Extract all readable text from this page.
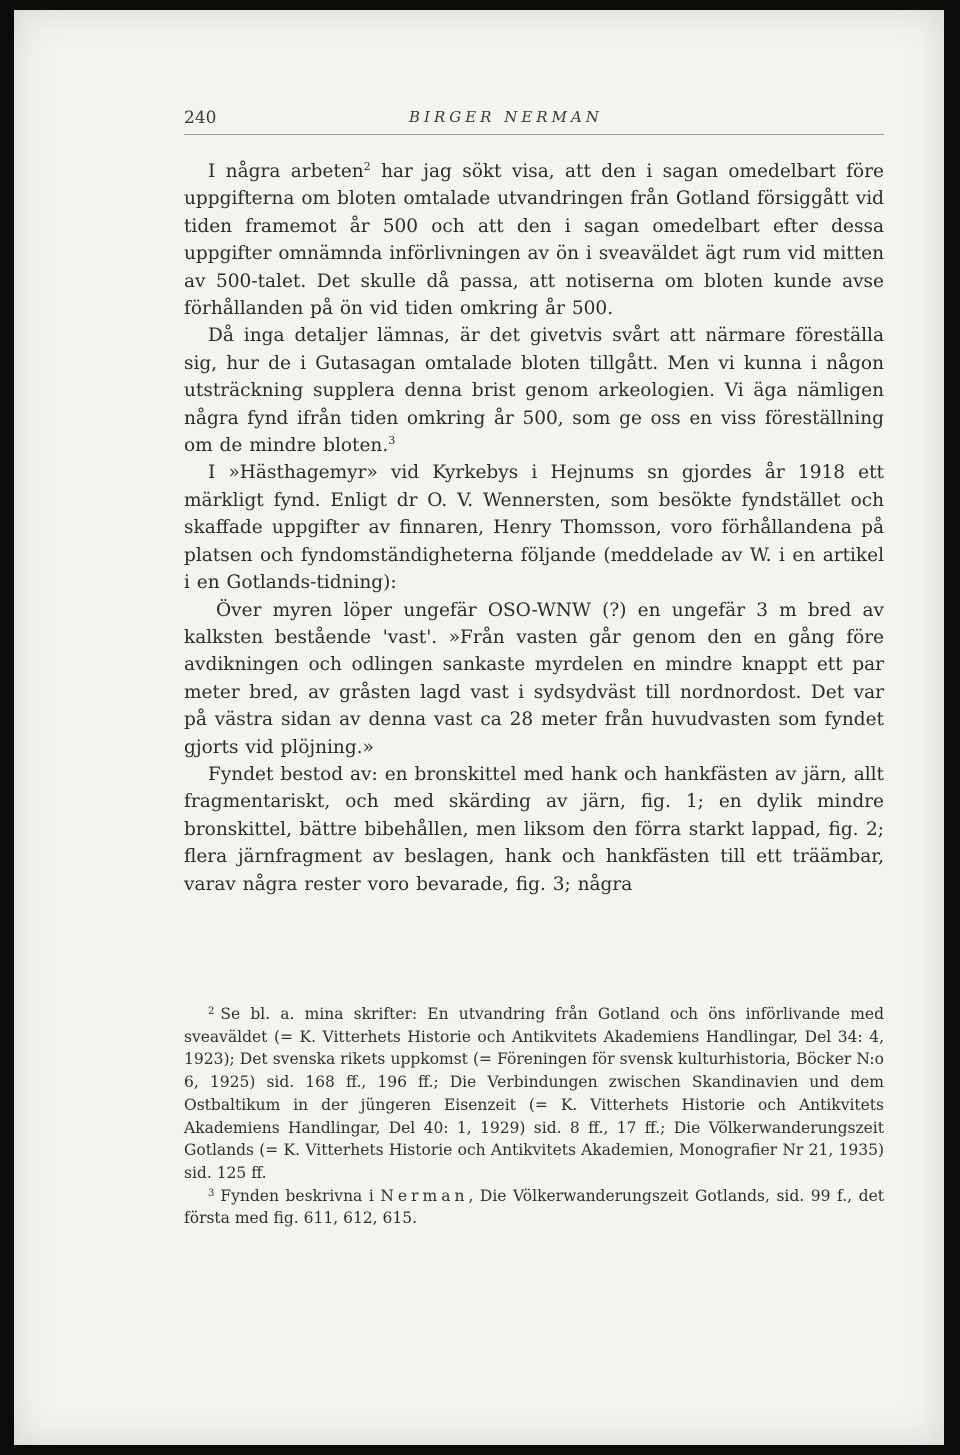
240	BIRGER NERMAN

I några arbeten$^2$ har jag sökt visa, att den i sagan omedelbart före uppgifterna om bloten omtalade utvandringen från Gotland försiggått vid tiden framemot år 500 och att den i sagan omedelbart efter dessa uppgifter omnämnda införlivningen av ön i sveaväldet ägt rum vid mitten av 500-talet. Det skulle då passa, att notiserna om bloten kunde avse förhållanden på ön vid tiden omkring år 500.

Då inga detaljer lämnas, är det givetvis svårt att närmare föreställa sig, hur de i Gutasagan omtalade bloten tillgått. Men vi kunna i någon utsträckning supplera denna brist genom arkeologien. Vi äga nämligen några fynd ifrån tiden omkring år 500, som ge oss en viss föreställning om de mindre bloten.$^3$

I »Hästhagemyr» vid Kyrkebys i Hejnums sn gjordes år 1918 ett märkligt fynd. Enligt dr O. V. Wennersten, som besökte fyndstället och skaffade uppgifter av finnaren, Henry Thomsson, voro förhållandena på platsen och fyndomständigheterna följande (meddelade av W. i en artikel i en Gotlands-tidning):

Över myren löper ungefär OSO-WNW (?) en ungefär 3 m bred av kalksten bestående 'vast'. »Från vasten går genom den en gång före avdikningen och odlingen sankaste myrdelen en mindre knappt ett par meter bred, av gråsten lagd vast i sydsydväst till nordnordost. Det var på västra sidan av denna vast ca 28 meter från huvudvasten som fyndet gjorts vid plöjning.»

Fyndet bestod av: en bronskittel med hank och hankfästen av järn, allt fragmentariskt, och med skärding av järn, fig. 1; en dylik mindre bronskittel, bättre bibehållen, men liksom den förra starkt lappad, fig. 2; flera järnfragment av beslagen, hank och hankfästen till ett träämbar, varav några rester voro bevarade, fig. 3; några

$^2$ Se bl. a. mina skrifter: En utvandring från Gotland och öns införlivande med sveaväldet (= K. Vitterhets Historie och Antikvitets Akademiens Handlingar, Del 34: 4, 1923); Det svenska rikets uppkomst (= Föreningen för svensk kulturhistoria, Böcker N:o 6, 1925) sid. 168 ff., 196 ff.; Die Verbindungen zwischen Skandinavien und dem Ostbaltikum in der jüngeren Eisenzeit (= K. Vitterhets Historie och Antikvitets Akademiens Handlingar, Del 40: 1, 1929) sid. 8 ff., 17 ff.; Die Völkerwanderungszeit Gotlands (= K. Vitterhets Historie och Antikvitets Akademien, Monografier Nr 21, 1935) sid. 125 ff.

$^3$ Fynden beskrivna i Nerman, Die Völkerwanderungszeit Gotlands, sid. 99 f., det första med fig. 611, 612, 615.
